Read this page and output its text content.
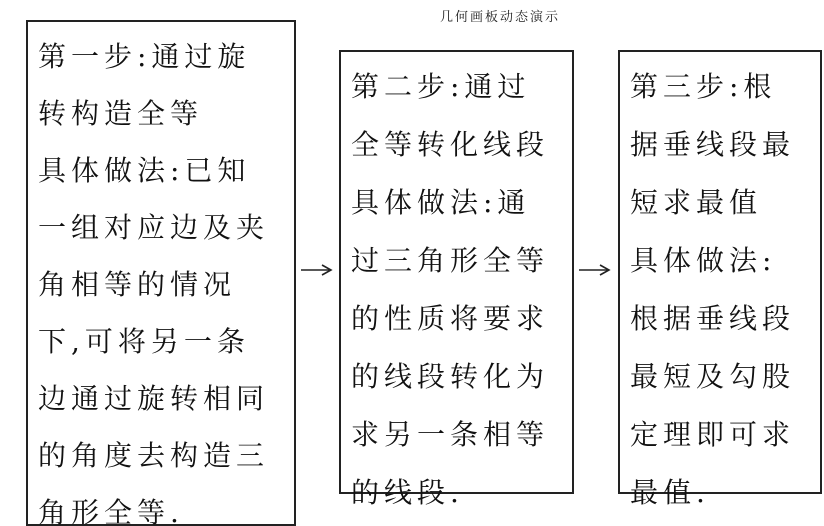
几何画板动态演示
第一步:通过旋
转构造全等
具体做法:已知
一组对应边及夹
角相等的情况
下,可将另一条
边通过旋转相同
的角度去构造三
角形全等.
第二步:通过
全等转化线段
具体做法:通
过三角形全等
的性质将要求
的线段转化为
求另一条相等
的线段.
第三步:根
据垂线段最
短求最值
具体做法:
根据垂线段
最短及勾股
定理即可求
最值.
